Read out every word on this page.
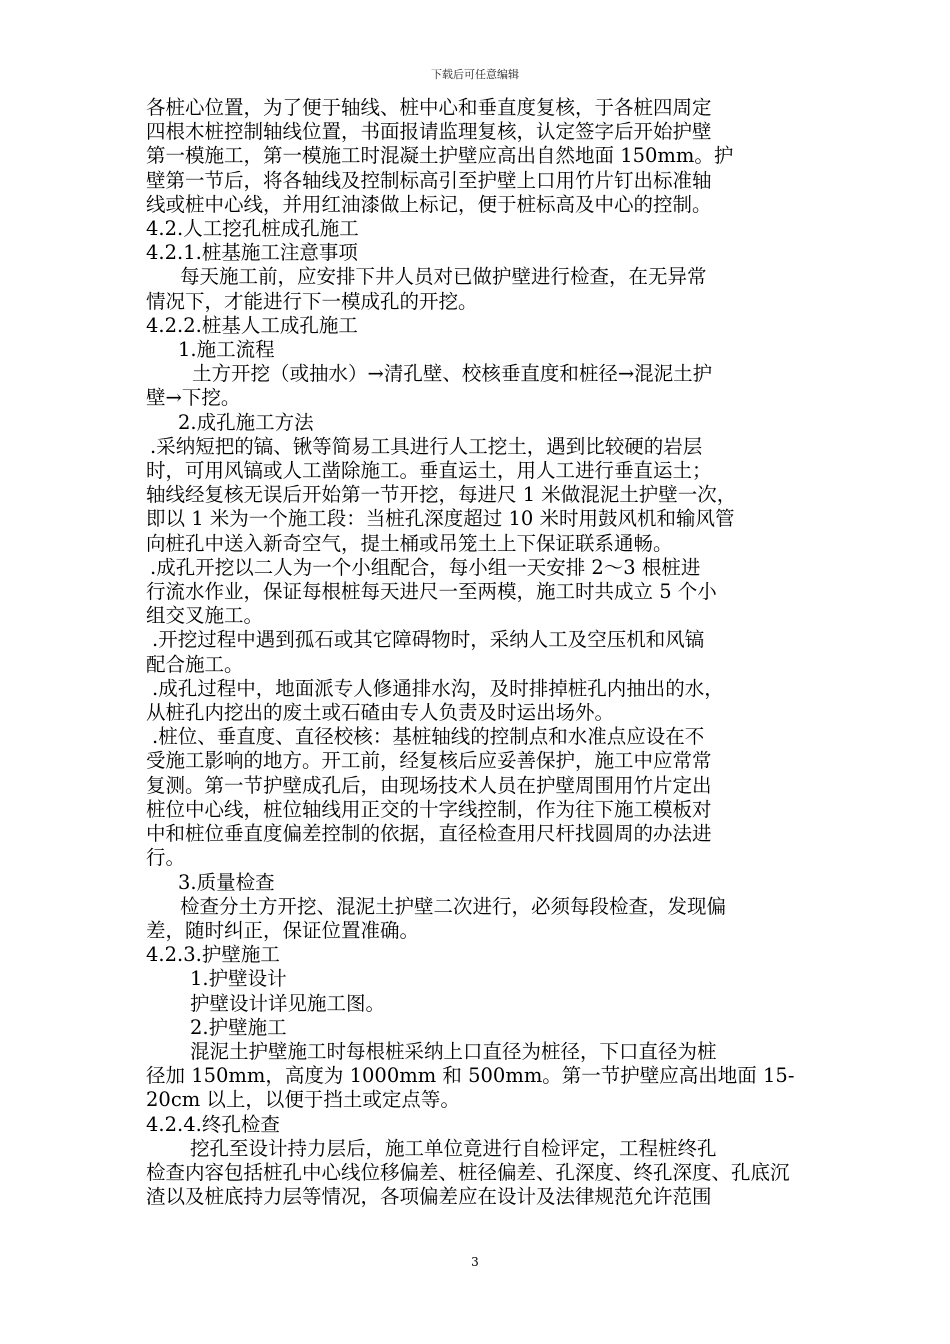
下载后可任意编辑
各桩心位置，为了便于轴线、桩中心和垂直度复核，于各桩四周定
四根木桩控制轴线位置，书面报请监理复核，认定签字后开始护壁
第一模施工，第一模施工时混凝土护壁应高出自然地面 150mm。护
壁第一节后，将各轴线及控制标高引至护壁上口用竹片钉出标准轴
线或桩中心线，并用红油漆做上标记，便于桩标高及中心的控制。
4.2.人工挖孔桩成孔施工
4.2.1.桩基施工注意事项
每天施工前，应安排下井人员对已做护壁进行检查，在无异常
情况下，才能进行下一模成孔的开挖。
4.2.2.桩基人工成孔施工
1.施工流程
土方开挖（或抽水）→清孔壁、校核垂直度和桩径→混泥土护
壁→下挖。
2.成孔施工方法
.采纳短把的镐、锹等简易工具进行人工挖土，遇到比较硬的岩层
时，可用风镐或人工凿除施工。垂直运土，用人工进行垂直运土；
轴线经复核无误后开始第一节开挖，每进尺 1 米做混泥土护壁一次，
即以 1 米为一个施工段：当桩孔深度超过 10 米时用鼓风机和输风管
向桩孔中送入新奇空气，提土桶或吊笼土上下保证联系通畅。
.成孔开挖以二人为一个小组配合，每小组一天安排 2～3 根桩进
行流水作业，保证每根桩每天进尺一至两模，施工时共成立 5 个小
组交叉施工。
.开挖过程中遇到孤石或其它障碍物时，采纳人工及空压机和风镐
配合施工。
.成孔过程中，地面派专人修通排水沟，及时排掉桩孔内抽出的水，
从桩孔内挖出的废土或石碴由专人负责及时运出场外。
.桩位、垂直度、直径校核：基桩轴线的控制点和水准点应设在不
受施工影响的地方。开工前，经复核后应妥善保护，施工中应常常
复测。第一节护壁成孔后，由现场技术人员在护壁周围用竹片定出
桩位中心线，桩位轴线用正交的十字线控制，作为往下施工模板对
中和桩位垂直度偏差控制的依据，直径检查用尺杆找圆周的办法进
行。
3.质量检查
检查分土方开挖、混泥土护壁二次进行，必须每段检查，发现偏
差，随时纠正，保证位置准确。
4.2.3.护壁施工
1.护壁设计
护壁设计详见施工图。
2.护壁施工
混泥土护壁施工时每根桩采纳上口直径为桩径，下口直径为桩
径加 150mm，高度为 1000mm 和 500mm。第一节护壁应高出地面 15-
20cm 以上，以便于挡土或定点等。
4.2.4.终孔检查
挖孔至设计持力层后，施工单位竟进行自检评定，工程桩终孔
检查内容包括桩孔中心线位移偏差、桩径偏差、孔深度、终孔深度、孔底沉
渣以及桩底持力层等情况，各项偏差应在设计及法律规范允许范围
3
